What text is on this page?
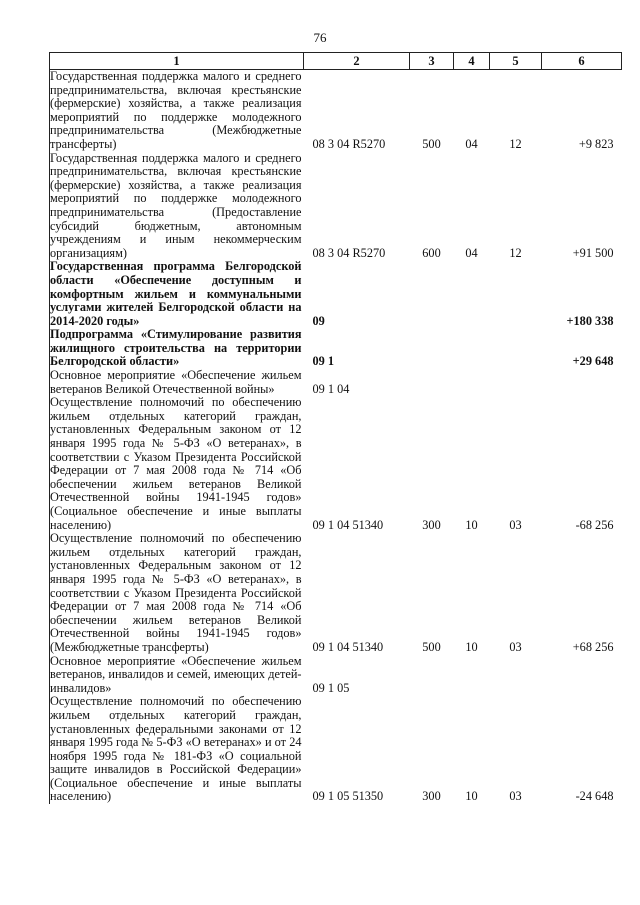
76
1	2	3	4	5	6
Государственная поддержка малого и среднего предпринимательства, включая крестьянские (фермерские) хозяйства, а также реализация мероприятий по поддержке молодежного предпринимательства (Межбюджетные трансферты)	08 3 04 R5270	500	04	12	+9 823
Государственная поддержка малого и среднего предпринимательства, включая крестьянские (фермерские) хозяйства, а также реализация мероприятий по поддержке молодежного предпринимательства (Предоставление субсидий бюджетным, автономным учреждениям и иным некоммерческим организациям)	08 3 04 R5270	600	04	12	+91 500
Государственная программа Белгородской области «Обеспечение доступным и комфортным жильем и коммунальными услугами жителей Белгородской области на 2014-2020 годы»	09				+180 338
Подпрограмма «Стимулирование развития жилищного строительства на территории Белгородской области»	09 1				+29 648
Основное мероприятие «Обеспечение жильем ветеранов Великой Отечественной войны»	09 1 04				
Осуществление полномочий по обеспечению жильем отдельных категорий граждан, установленных Федеральным законом от 12 января 1995 года № 5-ФЗ «О ветеранах», в соответствии с Указом Президента Российской Федерации от 7 мая 2008 года № 714 «Об обеспечении жильем ветеранов Великой Отечественной войны 1941-1945 годов» (Социальное обеспечение и иные выплаты населению)	09 1 04 51340	300	10	03	-68 256
Осуществление полномочий по обеспечению жильем отдельных категорий граждан, установленных Федеральным законом от 12 января 1995 года № 5-ФЗ «О ветеранах», в соответствии с Указом Президента Российской Федерации от 7 мая 2008 года № 714 «Об обеспечении жильем ветеранов Великой Отечественной войны 1941-1945 годов» (Межбюджетные трансферты)	09 1 04 51340	500	10	03	+68 256
Основное мероприятие «Обеспечение жильем ветеранов, инвалидов и семей, имеющих детей-инвалидов»	09 1 05				
Осуществление полномочий по обеспечению жильем отдельных категорий граждан, установленных федеральными законами от 12 января 1995 года № 5-ФЗ «О ветеранах» и от 24 ноября 1995 года № 181-ФЗ «О социальной защите инвалидов в Российской Федерации» (Социальное обеспечение и иные выплаты населению)	09 1 05 51350	300	10	03	-24 648
